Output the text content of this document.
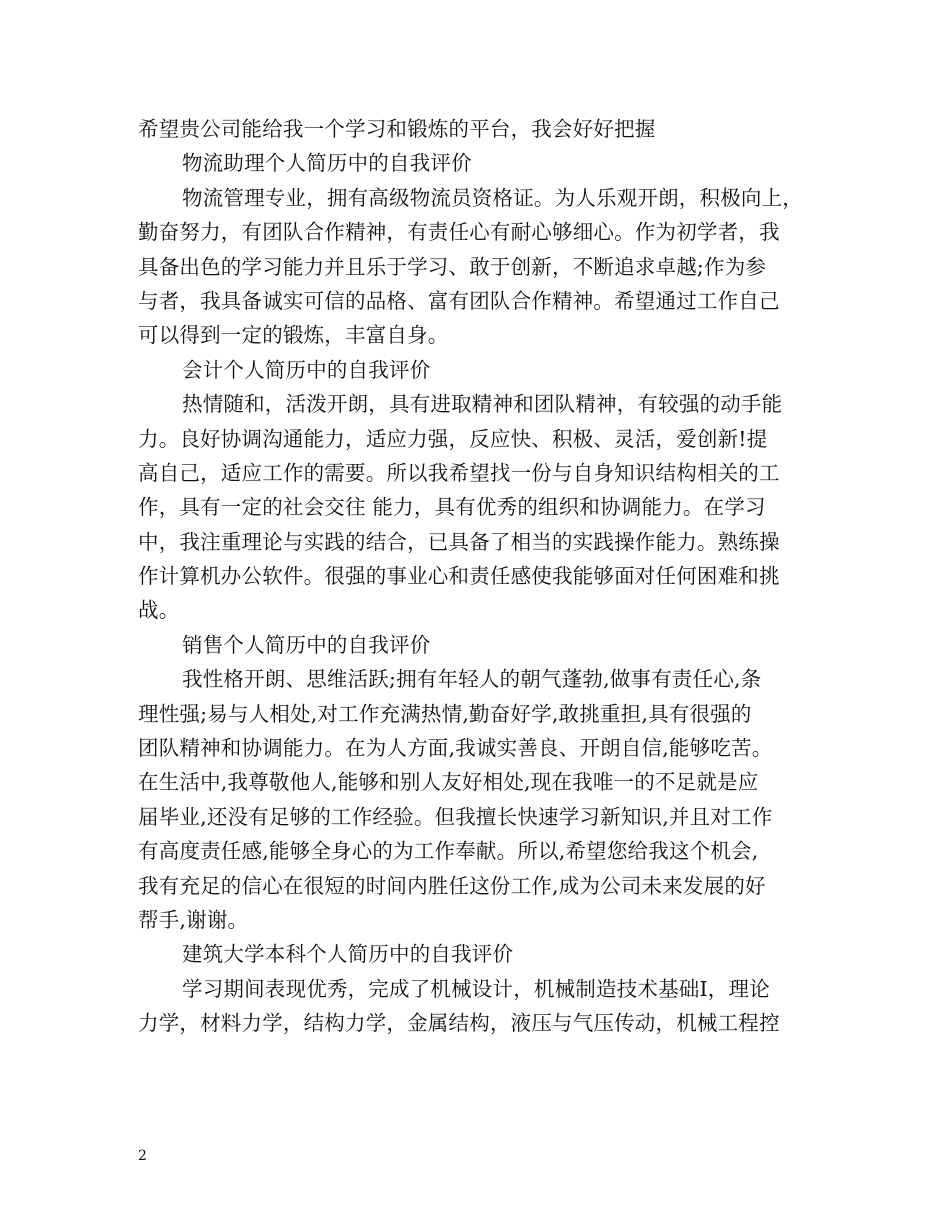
希望贵公司能给我一个学习和锻炼的平台，我会好好把握
物流助理个人简历中的自我评价
物流管理专业，拥有高级物流员资格证。为人乐观开朗，积极向上，
勤奋努力，有团队合作精神，有责任心有耐心够细心。作为初学者，我
具备出色的学习能力并且乐于学习、敢于创新，不断追求卓越;作为参
与者，我具备诚实可信的品格、富有团队合作精神。希望通过工作自己
可以得到一定的锻炼，丰富自身。
会计个人简历中的自我评价
热情随和，活泼开朗，具有进取精神和团队精神，有较强的动手能
力。良好协调沟通能力，适应力强，反应快、积极、灵活，爱创新!提
高自己，适应工作的需要。所以我希望找一份与自身知识结构相关的工
作，具有一定的社会交往 能力，具有优秀的组织和协调能力。在学习
中，我注重理论与实践的结合，已具备了相当的实践操作能力。熟练操
作计算机办公软件。很强的事业心和责任感使我能够面对任何困难和挑
战。
销售个人简历中的自我评价
我性格开朗、思维活跃;拥有年轻人的朝气蓬勃,做事有责任心,条
理性强;易与人相处,对工作充满热情,勤奋好学,敢挑重担,具有很强的
团队精神和协调能力。在为人方面,我诚实善良、开朗自信,能够吃苦。
在生活中,我尊敬他人,能够和别人友好相处,现在我唯一的不足就是应
届毕业,还没有足够的工作经验。但我擅长快速学习新知识,并且对工作
有高度责任感,能够全身心的为工作奉献。所以,希望您给我这个机会,
我有充足的信心在很短的时间内胜任这份工作,成为公司未来发展的好
帮手,谢谢。
建筑大学本科个人简历中的自我评价
学习期间表现优秀，完成了机械设计，机械制造技术基础Ⅰ，理论
力学，材料力学，结构力学，金属结构，液压与气压传动，机械工程控
2
